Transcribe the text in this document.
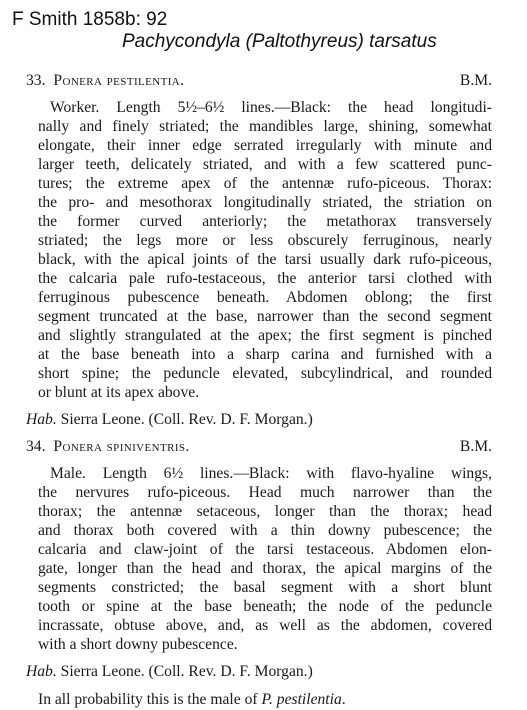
F Smith 1858b: 92
Pachycondyla (Paltothyreus) tarsatus
33. Ponera pestilentia.	B.M.
Worker. Length 5½–6½ lines.—Black: the head longitudi-
nally and finely striated; the mandibles large, shining, somewhat
elongate, their inner edge serrated irregularly with minute and
larger teeth, delicately striated, and with a few scattered punc-
tures; the extreme apex of the antennæ rufo-piceous. Thorax:
the pro- and mesothorax longitudinally striated, the striation on
the former curved anteriorly; the metathorax transversely
striated; the legs more or less obscurely ferruginous, nearly
black, with the apical joints of the tarsi usually dark rufo-piceous,
the calcaria pale rufo-testaceous, the anterior tarsi clothed with
ferruginous pubescence beneath. Abdomen oblong; the first
segment truncated at the base, narrower than the second segment
and slightly strangulated at the apex; the first segment is pinched
at the base beneath into a sharp carina and furnished with a
short spine; the peduncle elevated, subcylindrical, and rounded
or blunt at its apex above.
Hab. Sierra Leone. (Coll. Rev. D. F. Morgan.)
34. Ponera spiniventris.	B.M.
Male. Length 6½ lines.—Black: with flavo-hyaline wings,
the nervures rufo-piceous. Head much narrower than the
thorax; the antennæ setaceous, longer than the thorax; head
and thorax both covered with a thin downy pubescence; the
calcaria and claw-joint of the tarsi testaceous. Abdomen elon-
gate, longer than the head and thorax, the apical margins of the
segments constricted; the basal segment with a short blunt
tooth or spine at the base beneath; the node of the peduncle
incrassate, obtuse above, and, as well as the abdomen, covered
with a short downy pubescence.
Hab. Sierra Leone. (Coll. Rev. D. F. Morgan.)
In all probability this is the male of P. pestilentia.
